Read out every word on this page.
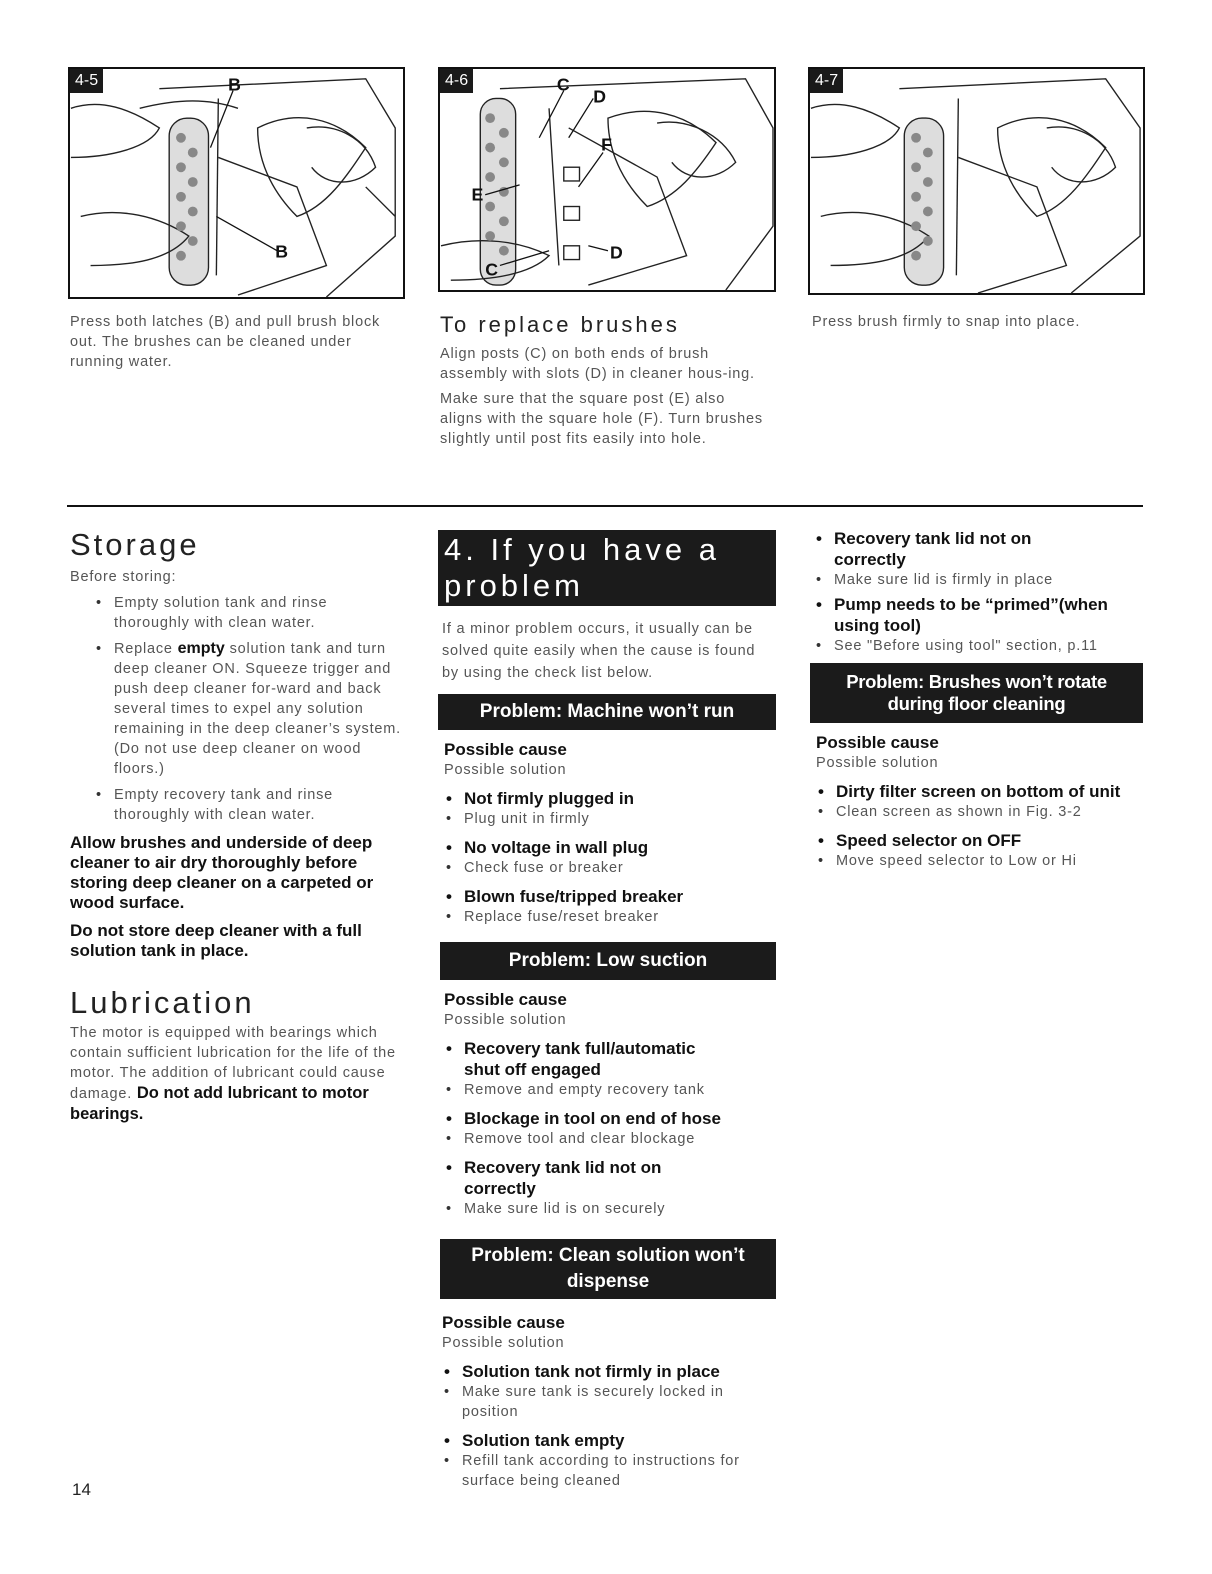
B
B
4-5	C
D
F
E
C
D
4-6	4-7
Press both latches (B) and pull brush block out. The brushes can be cleaned under running water.
To replace brushes
Align posts (C) on both ends of brush assembly with slots (D) in cleaner hous-ing.
Make sure that the square post (E) also aligns with the square hole (F). Turn brushes slightly until post fits easily into hole.
Press brush firmly to snap into place.
Storage
Before storing:
• Empty solution tank and rinse thoroughly with clean water.
• Replace empty solution tank and turn deep cleaner ON. Squeeze trigger and push deep cleaner for-ward and back several times to expel any solution remaining in the deep cleaner’s system. (Do not use deep cleaner on wood floors.)
• Empty recovery tank and rinse thoroughly with clean water.
Allow brushes and underside of deep cleaner to air dry thoroughly before storing deep cleaner on a carpeted or wood surface.
Do not store deep cleaner with a full solution tank in place.
Lubrication
The motor is equipped with bearings which contain sufficient lubrication for the life of the motor. The addition of lubricant could cause damage. Do not add lubricant to motor bearings.
4. If you have a problem
If a minor problem occurs, it usually can be solved quite easily when the cause is found by using the check list below.
Problem: Machine won’t run
Possible cause
Possible solution
• Not firmly plugged in
• Plug unit in firmly
• No voltage in wall plug
• Check fuse or breaker
• Blown fuse/tripped breaker
• Replace fuse/reset breaker
Problem: Low suction
Possible cause
Possible solution
• Recovery tank full/automatic shut off engaged
• Remove and empty recovery tank
• Blockage in tool on end of hose
• Remove tool and clear blockage
• Recovery tank lid not on correctly
• Make sure lid is on securely
Problem: Clean solution won’t dispense
Possible cause
Possible solution
• Solution tank not firmly in place
• Make sure tank is securely locked in position
• Solution tank empty
• Refill tank according to instructions for surface being cleaned
• Recovery tank lid not on correctly
• Make sure lid is firmly in place
• Pump needs to be “primed”(when using tool)
• See "Before using tool" section, p.11
Problem: Brushes won’t rotate during floor cleaning
Possible cause
Possible solution
• Dirty filter screen on bottom of unit
• Clean screen as shown in Fig. 3-2
• Speed selector on OFF
• Move speed selector to Low or Hi
14
